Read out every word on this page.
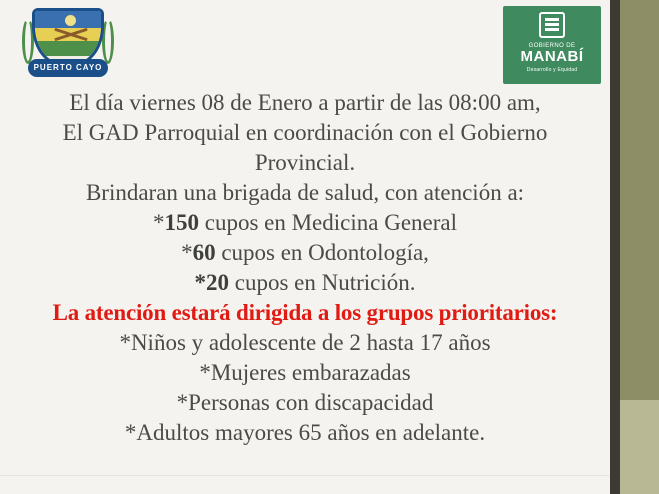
PUERTO CAYO
GOBIERNO DE
MANABÍ
Desarrollo y Equidad
El día viernes 08 de Enero a partir de las 08:00 am,
El GAD Parroquial en coordinación con el Gobierno
Provincial.
Brindaran una brigada de salud, con atención a:
*150 cupos en Medicina General
*60 cupos en Odontología,
*20 cupos en Nutrición.
La atención estará dirigida a los grupos prioritarios:
*Niños y adolescente de 2 hasta 17 años
*Mujeres embarazadas
*Personas con discapacidad
*Adultos mayores 65 años en adelante.
